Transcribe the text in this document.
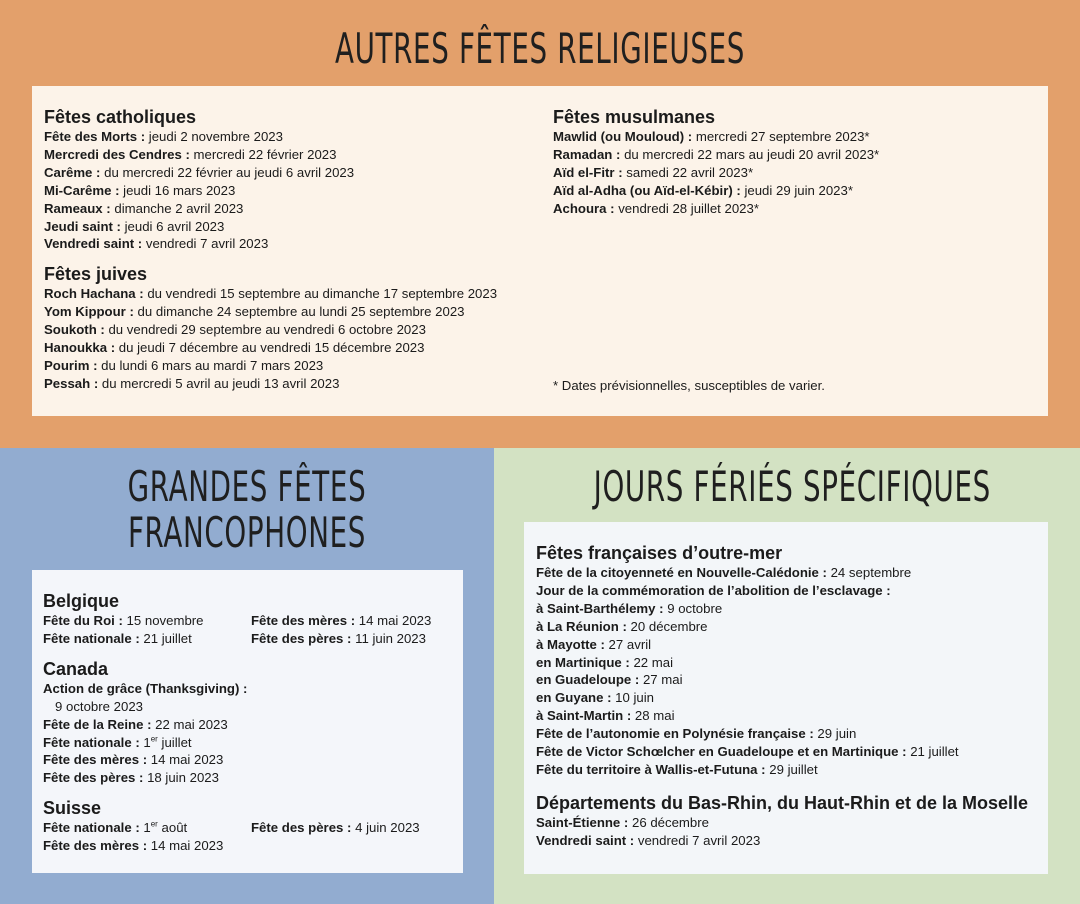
AUTRES FÊTES RELIGIEUSES
Fêtes catholiques
Fête des Morts : jeudi 2 novembre 2023
Mercredi des Cendres : mercredi 22 février 2023
Carême : du mercredi 22 février au jeudi 6 avril 2023
Mi-Carême : jeudi 16 mars 2023
Rameaux : dimanche 2 avril 2023
Jeudi saint : jeudi 6 avril 2023
Vendredi saint : vendredi 7 avril 2023
Fêtes juives
Roch Hachana : du vendredi 15 septembre au dimanche 17 septembre 2023
Yom Kippour : du dimanche 24 septembre au lundi 25 septembre 2023
Soukoth : du vendredi 29 septembre au vendredi 6 octobre 2023
Hanoukka : du jeudi 7 décembre au vendredi 15 décembre 2023
Pourim : du lundi 6 mars au mardi 7 mars 2023
Pessah : du mercredi 5 avril au jeudi 13 avril 2023
Fêtes musulmanes
Mawlid (ou Mouloud) : mercredi 27 septembre 2023*
Ramadan : du mercredi 22 mars au jeudi 20 avril 2023*
Aïd el-Fitr : samedi 22 avril 2023*
Aïd al-Adha (ou Aïd-el-Kébir) : jeudi 29 juin 2023*
Achoura : vendredi 28 juillet 2023*
* Dates prévisionnelles, susceptibles de varier.
GRANDES FÊTES
FRANCOPHONES
Belgique
Fête du Roi : 15 novembre
Fête nationale : 21 juillet
Fête des mères : 14 mai 2023
Fête des pères : 11 juin 2023
Canada
Action de grâce (Thanksgiving) :
9 octobre 2023
Fête de la Reine : 22 mai 2023
Fête nationale : 1er juillet
Fête des mères : 14 mai 2023
Fête des pères : 18 juin 2023
Suisse
Fête nationale : 1er août
Fête des mères : 14 mai 2023
Fête des pères : 4 juin 2023
JOURS FÉRIÉS SPÉCIFIQUES
Fêtes françaises d’outre-mer
Fête de la citoyenneté en Nouvelle-Calédonie : 24 septembre
Jour de la commémoration de l’abolition de l’esclavage :
à Saint-Barthélemy : 9 octobre
à La Réunion : 20 décembre
à Mayotte : 27 avril
en Martinique : 22 mai
en Guadeloupe : 27 mai
en Guyane : 10 juin
à Saint-Martin : 28 mai
Fête de l’autonomie en Polynésie française : 29 juin
Fête de Victor Schœlcher en Guadeloupe et en Martinique : 21 juillet
Fête du territoire à Wallis-et-Futuna : 29 juillet
Départements du Bas-Rhin, du Haut-Rhin et de la Moselle
Saint-Étienne : 26 décembre
Vendredi saint : vendredi 7 avril 2023
